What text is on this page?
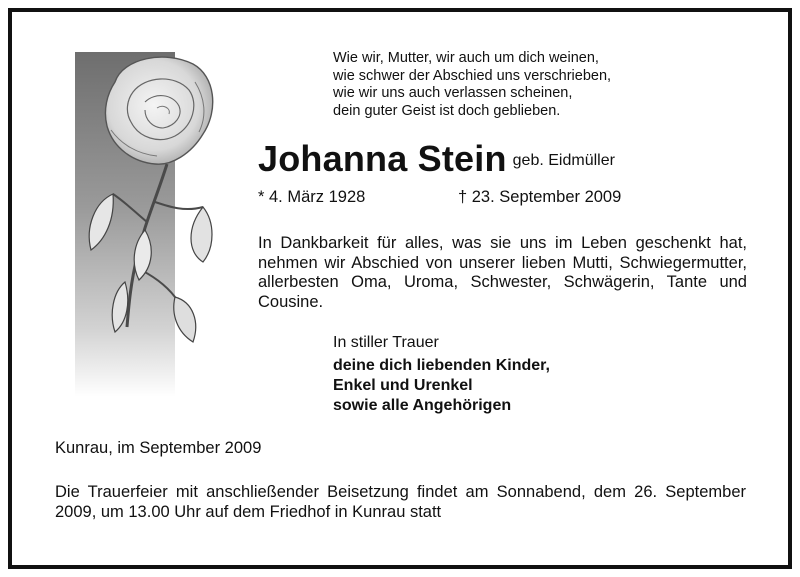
Wie wir, Mutter, wir auch um dich weinen,
wie schwer der Abschied uns verschrieben,
wie wir uns auch verlassen scheinen,
dein guter Geist ist doch geblieben.
Johanna Stein geb. Eidmüller
* 4. März 1928	† 23. September 2009
In Dankbarkeit für alles, was sie uns im Leben geschenkt hat, nehmen wir Abschied von unserer lieben Mutti, Schwiegermutter, allerbesten Oma, Uroma, Schwester, Schwägerin, Tante und Cousine.
In stiller Trauer
deine dich liebenden Kinder,
Enkel und Urenkel
sowie alle Angehörigen
Kunrau, im September 2009
Die Trauerfeier mit anschließender Beisetzung findet am Sonnabend, dem 26. September 2009, um 13.00 Uhr auf dem Friedhof in Kunrau statt
